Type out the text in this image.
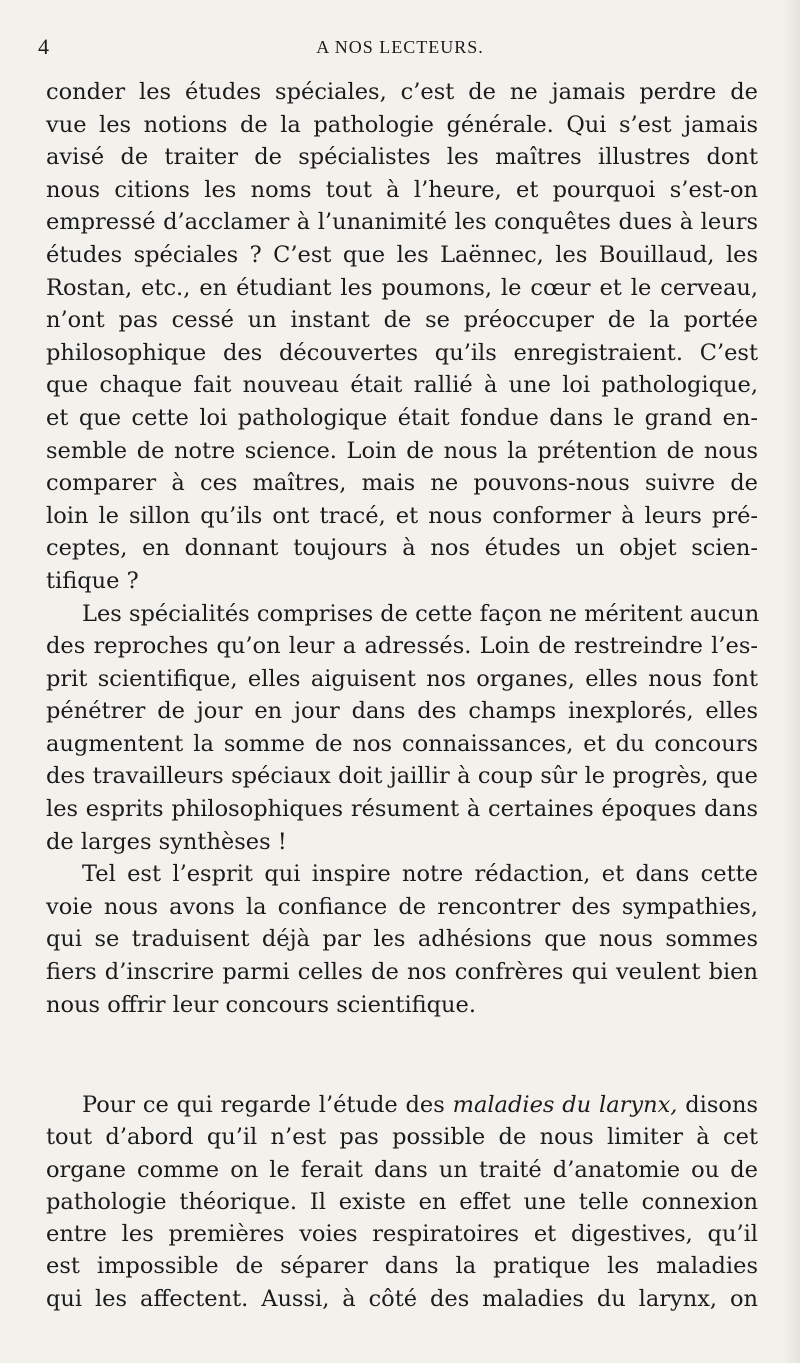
4	A NOS LECTEURS.
conder les études spéciales, c’est de ne jamais perdre de
vue les notions de la pathologie générale. Qui s’est jamais
avisé de traiter de spécialistes les maîtres illustres dont
nous citions les noms tout à l’heure, et pourquoi s’est-on
empressé d’acclamer à l’unanimité les conquêtes dues à leurs
études spéciales ? C’est que les Laënnec, les Bouillaud, les
Rostan, etc., en étudiant les poumons, le cœur et le cerveau,
n’ont pas cessé un instant de se préoccuper de la portée
philosophique des découvertes qu’ils enregistraient. C’est
que chaque fait nouveau était rallié à une loi pathologique,
et que cette loi pathologique était fondue dans le grand en-
semble de notre science. Loin de nous la prétention de nous
comparer à ces maîtres, mais ne pouvons-nous suivre de
loin le sillon qu’ils ont tracé, et nous conformer à leurs pré-
ceptes, en donnant toujours à nos études un objet scien-
tifique ?
Les spécialités comprises de cette façon ne méritent aucun
des reproches qu’on leur a adressés. Loin de restreindre l’es-
prit scientifique, elles aiguisent nos organes, elles nous font
pénétrer de jour en jour dans des champs inexplorés, elles
augmentent la somme de nos connaissances, et du concours
des travailleurs spéciaux doit jaillir à coup sûr le progrès, que
les esprits philosophiques résument à certaines époques dans
de larges synthèses !
Tel est l’esprit qui inspire notre rédaction, et dans cette
voie nous avons la confiance de rencontrer des sympathies,
qui se traduisent déjà par les adhésions que nous sommes
fiers d’inscrire parmi celles de nos confrères qui veulent bien
nous offrir leur concours scientifique.
Pour ce qui regarde l’étude des maladies du larynx, disons
tout d’abord qu’il n’est pas possible de nous limiter à cet
organe comme on le ferait dans un traité d’anatomie ou de
pathologie théorique. Il existe en effet une telle connexion
entre les premières voies respiratoires et digestives, qu’il
est impossible de séparer dans la pratique les maladies
qui les affectent. Aussi, à côté des maladies du larynx, on
